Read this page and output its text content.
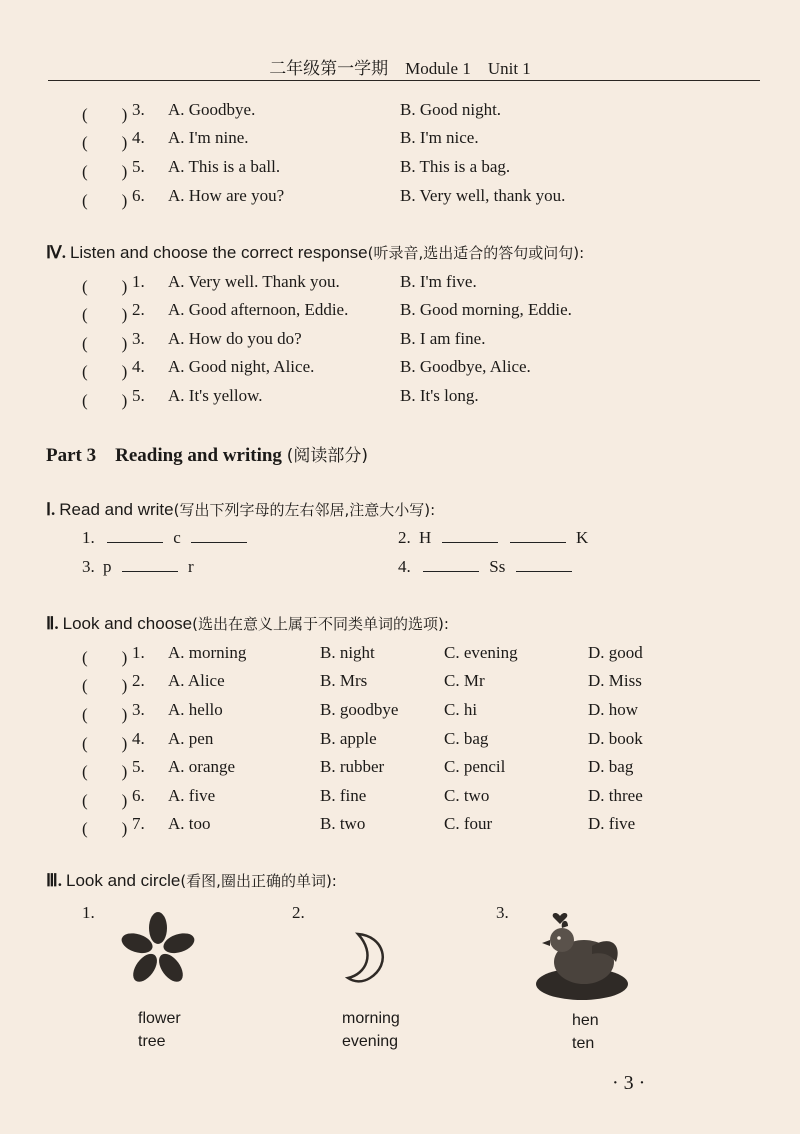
二年级第一学期　Module 1　Unit 1
(　　) 3. A. Goodbye.	B. Good night.
(　　) 4. A. I'm nine.	B. I'm nice.
(　　) 5. A. This is a ball.	B. This is a bag.
(　　) 6. A. How are you?	B. Very well, thank you.
Ⅳ. Listen and choose the correct response(听录音,选出适合的答句或问句):
(　　) 1. A. Very well. Thank you.	B. I'm five.
(　　) 2. A. Good afternoon, Eddie.	B. Good morning, Eddie.
(　　) 3. A. How do you do?	B. I am fine.
(　　) 4. A. Good night, Alice.	B. Goodbye, Alice.
(　　) 5. A. It's yellow.	B. It's long.
Part 3　Reading and writing (阅读部分)
Ⅰ. Read and write(写出下列字母的左右邻居,注意大小写):
1.	c	2. H	K
3. p	r	4.	Ss
Ⅱ. Look and choose(选出在意义上属于不同类单词的选项):
(　　) 1. A. morning	B. night	C. evening	D. good
(　　) 2. A. Alice	B. Mrs	C. Mr	D. Miss
(　　) 3. A. hello	B. goodbye	C. hi	D. how
(　　) 4. A. pen	B. apple	C. bag	D. book
(　　) 5. A. orange	B. rubber	C. pencil	D. bag
(　　) 6. A. five	B. fine	C. two	D. three
(　　) 7. A. too	B. two	C. four	D. five
Ⅲ. Look and circle(看图,圈出正确的单词):
1.
flower
tree
2.
morning
evening
3.
hen
ten
· 3 ·
